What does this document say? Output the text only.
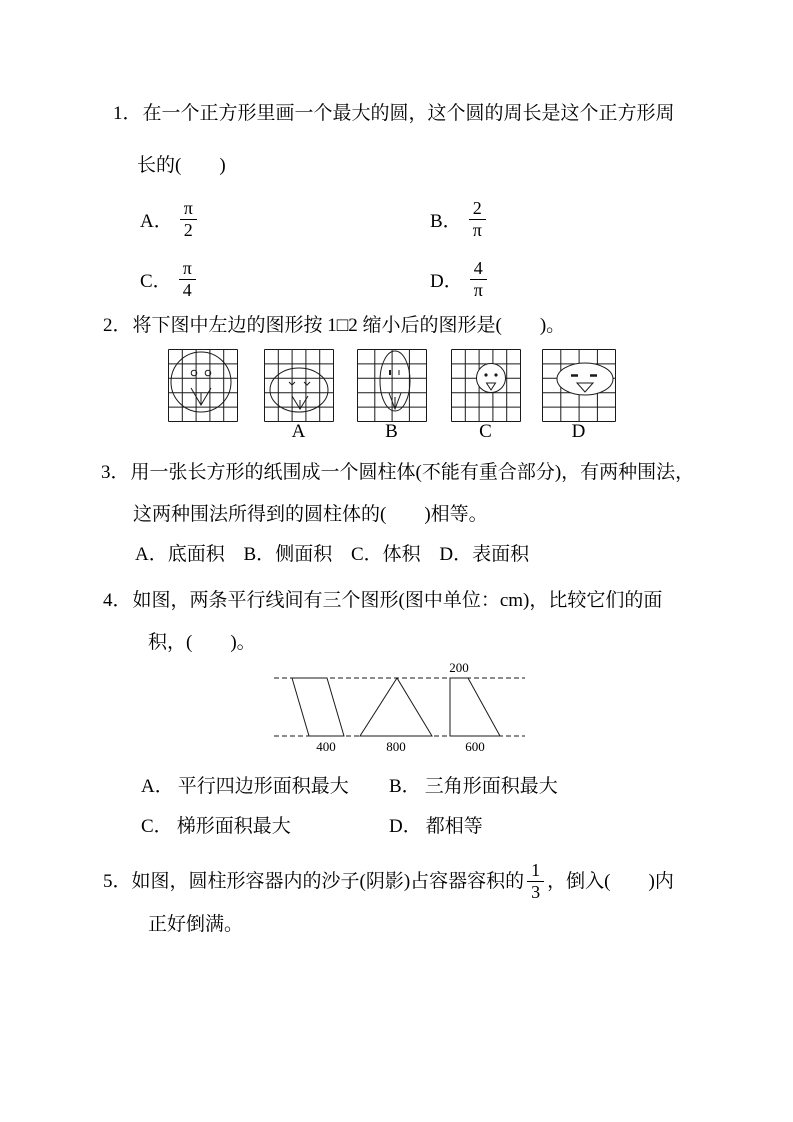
1．在一个正方形里画一个最大的圆，这个圆的周长是这个正方形周
长的(　　)
A． $\frac{\pi}{2}$	B． $\frac{2}{\pi}$
C． $\frac{\pi}{4}$	D． $\frac{4}{\pi}$
2．将下图中左边的图形按 1□2 缩小后的图形是(　　)。
A	B	C	D
3．用一张长方形的纸围成一个圆柱体(不能有重合部分)，有两种围法，
这两种围法所得到的圆柱体的(　　)相等。
A．底面积 B．侧面积 C．体积 D．表面积
4．如图，两条平行线间有三个图形(图中单位：cm)，比较它们的面
积，(　　)。
200
400	800	600
A． 平行四边形面积最大 B． 三角形面积最大
C． 梯形面积最大	D． 都相等
5． 如图，圆柱形容器内的沙子(阴影)占容器容积的 $\frac{1}{3}$ ，倒入(　　)内
正好倒满。
